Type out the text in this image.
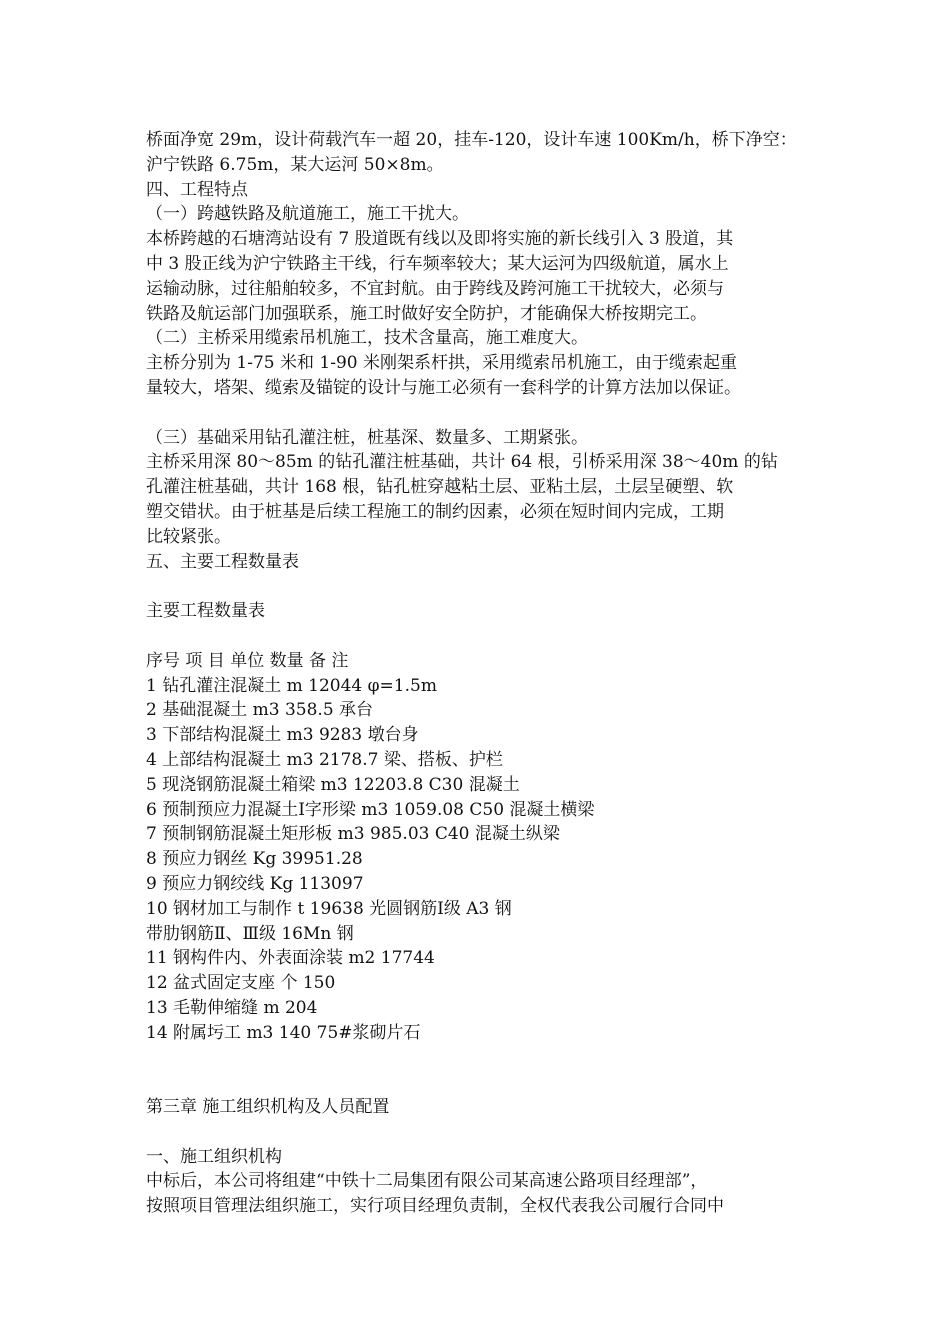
桥面净宽 29m，设计荷载汽车一超 20，挂车-120，设计车速 100Km/h，桥下净空：
沪宁铁路 6.75m，某大运河 50×8m。
四、工程特点
（一）跨越铁路及航道施工，施工干扰大。
本桥跨越的石塘湾站设有 7 股道既有线以及即将实施的新长线引入 3 股道，其
中 3 股正线为沪宁铁路主干线，行车频率较大；某大运河为四级航道，属水上
运输动脉，过往船舶较多，不宜封航。由于跨线及跨河施工干扰较大，必须与
铁路及航运部门加强联系，施工时做好安全防护，才能确保大桥按期完工。
（二）主桥采用缆索吊机施工，技术含量高，施工难度大。
主桥分别为 1-75 米和 1-90 米刚架系杆拱，采用缆索吊机施工，由于缆索起重
量较大，塔架、缆索及锚锭的设计与施工必须有一套科学的计算方法加以保证。
（三）基础采用钻孔灌注桩，桩基深、数量多、工期紧张。
主桥采用深 80～85m 的钻孔灌注桩基础，共计 64 根，引桥采用深 38～40m 的钻
孔灌注桩基础，共计 168 根，钻孔桩穿越粘土层、亚粘土层，土层呈硬塑、软
塑交错状。由于桩基是后续工程施工的制约因素，必须在短时间内完成，工期
比较紧张。
五、主要工程数量表
主要工程数量表
序号 项 目 单位 数量 备 注
1 钻孔灌注混凝土 m 12044 φ=1.5m
2 基础混凝土 m3 358.5 承台
3 下部结构混凝土 m3 9283 墩台身
4 上部结构混凝土 m3 2178.7 梁、搭板、护栏
5 现浇钢筋混凝土箱梁 m3 12203.8 C30 混凝土
6 预制预应力混凝土Ⅰ字形梁 m3 1059.08 C50 混凝土横梁
7 预制钢筋混凝土矩形板 m3 985.03 C40 混凝土纵梁
8 预应力钢丝 Kg 39951.28
9 预应力钢绞线 Kg 113097
10 钢材加工与制作 t 19638 光圆钢筋Ⅰ级 A3 钢
带肋钢筋Ⅱ、Ⅲ级 16Mn 钢
11 钢构件内、外表面涂装 m2 17744
12 盆式固定支座 个 150
13 毛勒伸缩缝 m 204
14 附属圬工 m3 140 75#浆砌片石
第三章 施工组织机构及人员配置
一、施工组织机构
中标后，本公司将组建“中铁十二局集团有限公司某高速公路项目经理部”，
按照项目管理法组织施工，实行项目经理负责制，全权代表我公司履行合同中
